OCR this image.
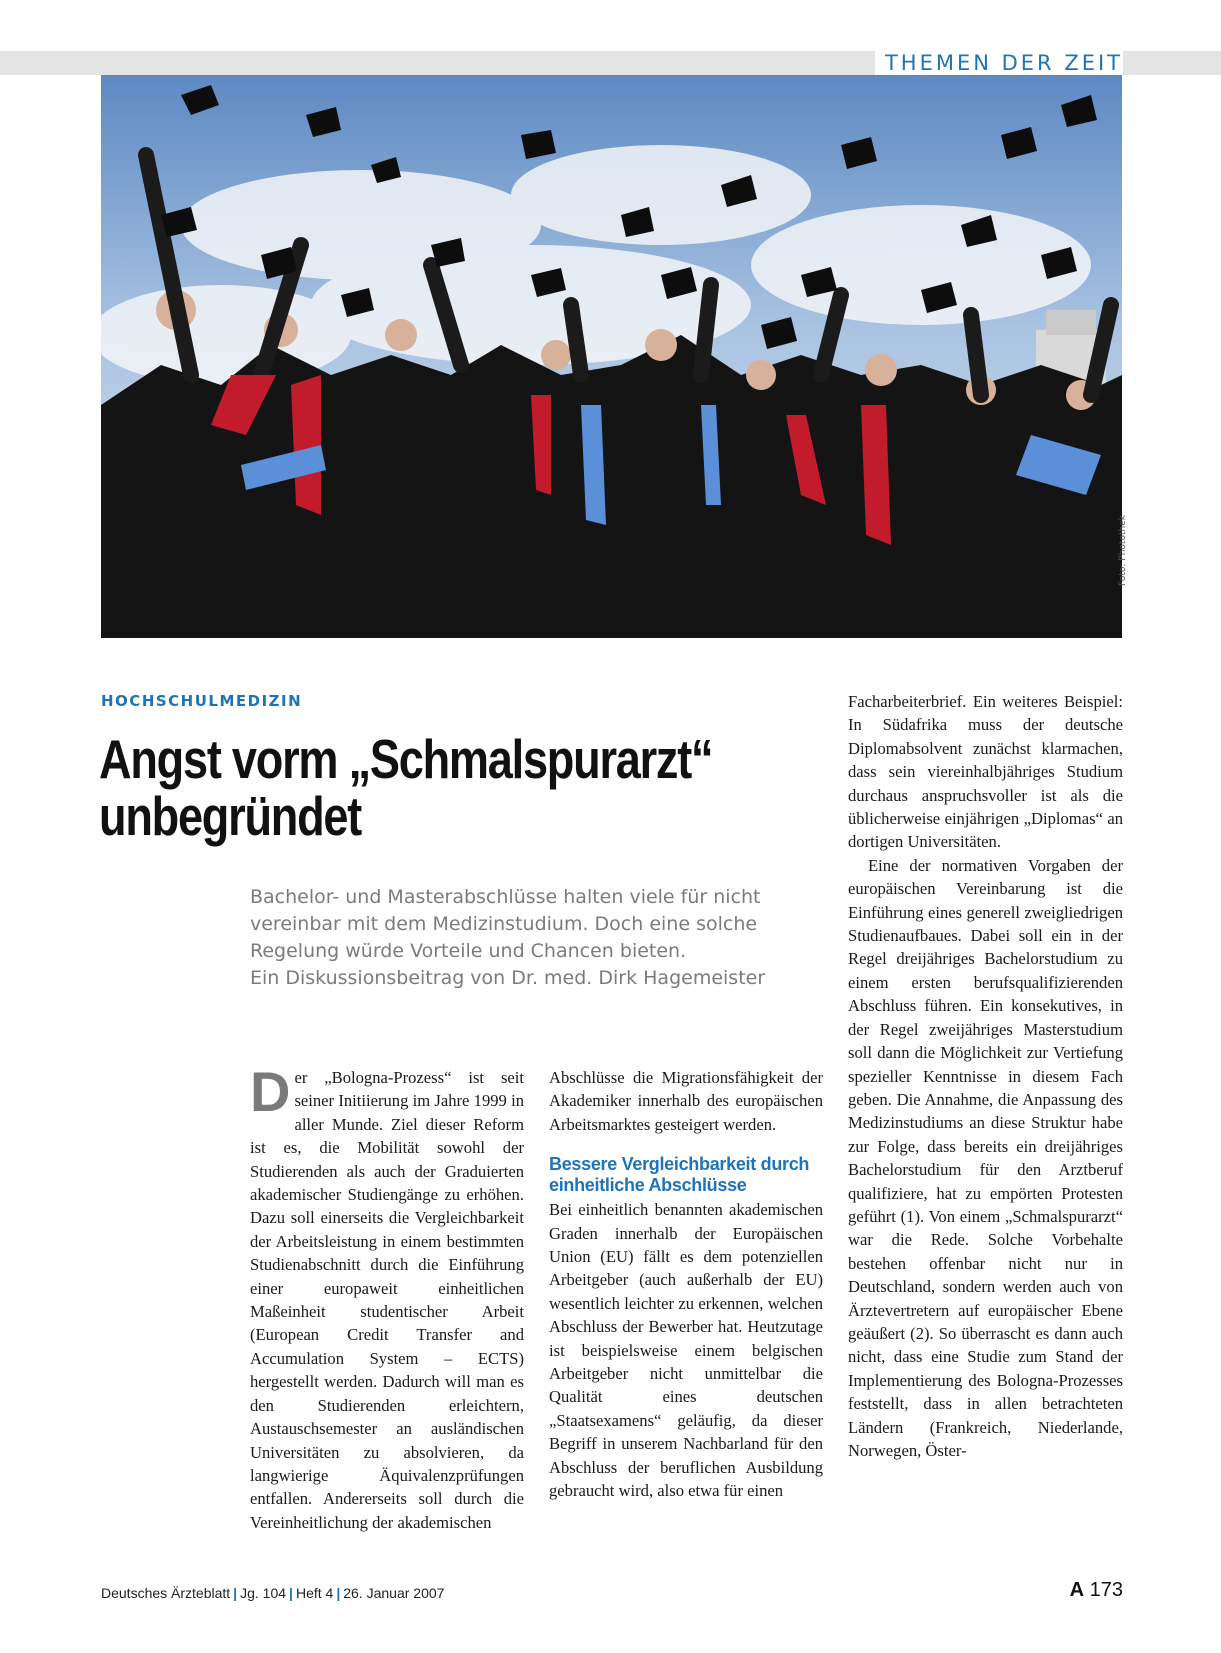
THEMEN DER ZEIT
Foto: Photothek
HOCHSCHULMEDIZIN
Angst vorm „Schmalspurarzt“
unbegründet
Bachelor- und Masterabschlüsse halten viele für nicht
vereinbar mit dem Medizinstudium. Doch eine solche
Regelung würde Vorteile und Chancen bieten.
Ein Diskussionsbeitrag von Dr. med. Dirk Hagemeister
D er „Bologna-Prozess“ ist seit seiner Initiierung im Jahre 1999 in aller Munde. Ziel dieser Reform ist es, die Mobilität sowohl der Studierenden als auch der Graduierten akademischer Studiengänge zu erhöhen. Dazu soll einerseits die Vergleichbarkeit der Arbeitsleistung in einem bestimmten Studienabschnitt durch die Einführung einer europaweit einheitlichen Maßeinheit studentischer Arbeit (European Credit Transfer and Accumulation System – ECTS) hergestellt werden. Dadurch will man es den Studierenden erleichtern, Austauschsemester an ausländischen Universitäten zu absolvieren, da langwierige Äquivalenzprüfungen entfallen. Andererseits soll durch die Vereinheitlichung der akademischen

Abschlüsse die Migrationsfähigkeit der Akademiker innerhalb des europäischen Arbeitsmarktes gesteigert werden.

Bessere Vergleichbarkeit durch einheitliche Abschlüsse

Bei einheitlich benannten akademischen Graden innerhalb der Europäischen Union (EU) fällt es dem potenziellen Arbeitgeber (auch außerhalb der EU) wesentlich leichter zu erkennen, welchen Abschluss der Bewerber hat. Heutzutage ist beispielsweise einem belgischen Arbeitgeber nicht unmittelbar die Qualität eines deutschen „Staatsexamens“ geläufig, da dieser Begriff in unserem Nachbarland für den Abschluss der beruflichen Ausbildung gebraucht wird, also etwa für einen

Facharbeiterbrief. Ein weiteres Beispiel: In Südafrika muss der deutsche Diplomabsolvent zunächst klarmachen, dass sein viereinhalbjähriges Studium durchaus anspruchsvoller ist als die üblicherweise einjährigen „Diplomas“ an dortigen Universitäten.

Eine der normativen Vorgaben der europäischen Vereinbarung ist die Einführung eines generell zweigliedrigen Studienaufbaues. Dabei soll ein in der Regel dreijähriges Bachelorstudium zu einem ersten berufsqualifizierenden Abschluss führen. Ein konsekutives, in der Regel zweijähriges Masterstudium soll dann die Möglichkeit zur Vertiefung spezieller Kenntnisse in diesem Fach geben. Die Annahme, die Anpassung des Medizinstudiums an diese Struktur habe zur Folge, dass bereits ein dreijähriges Bachelorstudium für den Arztberuf qualifiziere, hat zu empörten Protesten geführt (1). Von einem „Schmalspurarzt“ war die Rede. Solche Vorbehalte bestehen offenbar nicht nur in Deutschland, sondern werden auch von Ärztevertretern auf europäischer Ebene geäußert (2). So überrascht es dann auch nicht, dass eine Studie zum Stand der Implementierung des Bologna-Prozesses feststellt, dass in allen betrachteten Ländern (Frankreich, Niederlande, Norwegen, Öster-

Deutsches Ärzteblatt | Jg. 104 | Heft 4 | 26. Januar 2007	A 173
